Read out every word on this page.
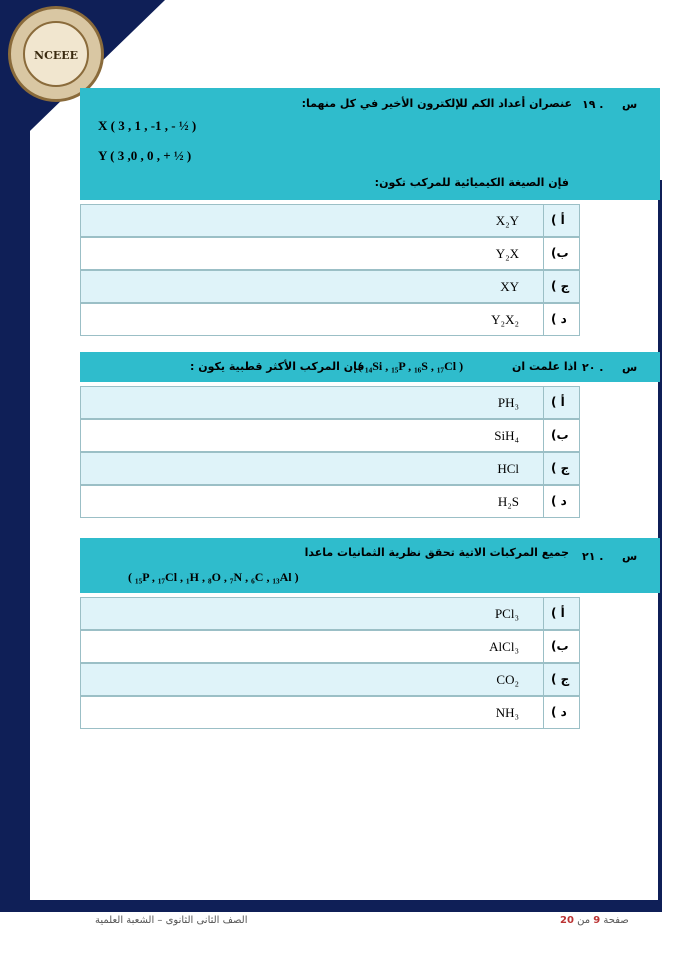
NCEEE
س
١٩ .
عنصران أعداد الكم للإلكترون الأخير في كل منهما:
X ( 3 , 1 , -1 , - ½ )
Y ( 3 ,0 , 0 , + ½ )
فإن الصيغة الكيميائية للمركب تكون:
أ )
X₂Y
ب)
Y₂X
ج )
XY
د )
Y₂X₂
س
٢٠ .
اذا علمت ان
( ₁₄Si , ₁₅P , ₁₆S , ₁₇Cl )
فإن المركب الأكثر قطبية يكون :
أ )
PH₃
ب)
SiH₄
ج )
HCl
د )
H₂S
س
٢١ .
جميع المركبات الاتية تحقق نظرية الثمانيات ماعدا
( ₁₅P , ₁₇Cl , ₁H , ₈O , ₇N , ₆C , ₁₃Al )
أ )
PCl₃
ب)
AlCl₃
ج )
CO₂
د )
NH₃
الصف الثانى الثانوى – الشعبة العلمية	صفحة 9 من 20
